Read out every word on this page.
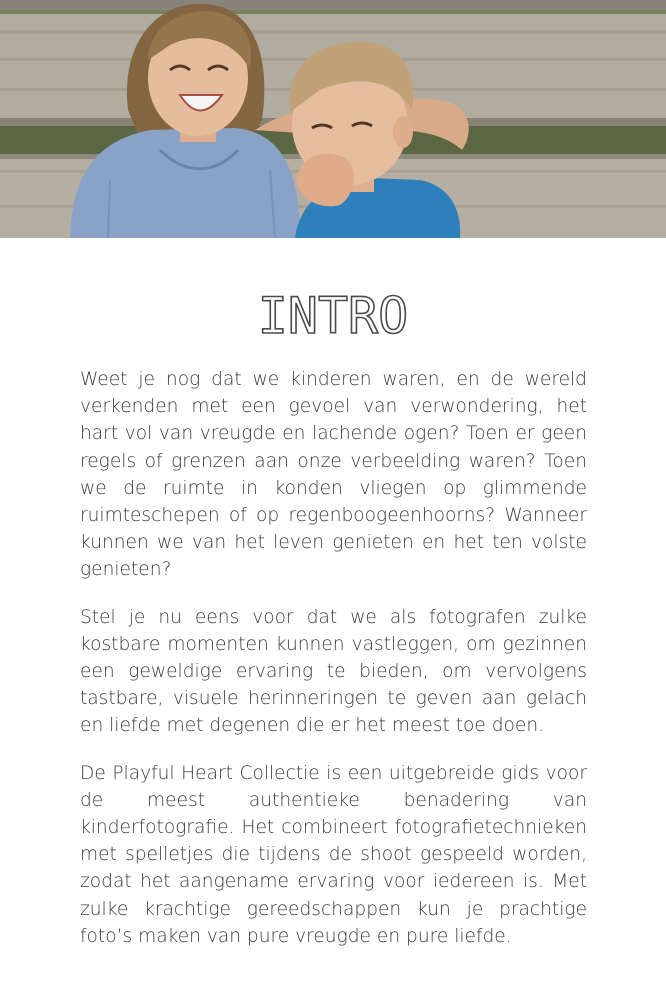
INTRO

Weet je nog dat we kinderen waren, en de wereld verkenden met een gevoel van verwondering, het hart vol van vreugde en lachende ogen? Toen er geen regels of grenzen aan onze verbeelding waren? Toen we de ruimte in konden vliegen op glimmende ruimteschepen of op regenboogeenhoorns? Wanneer kunnen we van het leven genieten en het ten volste genieten?

Stel je nu eens voor dat we als fotografen zulke kostbare momenten kunnen vastleggen, om gezinnen een geweldige ervaring te bieden, om vervolgens tastbare, visuele herinneringen te geven aan gelach en liefde met degenen die er het meest toe doen.

De Playful Heart Collectie is een uitgebreide gids voor de meest authentieke benadering van kinderfotografie. Het combineert fotografietechnieken met spelletjes die tijdens de shoot gespeeld worden, zodat het aangename ervaring voor iedereen is. Met zulke krachtige gereedschappen kun je prachtige foto’s maken van pure vreugde en pure liefde.
